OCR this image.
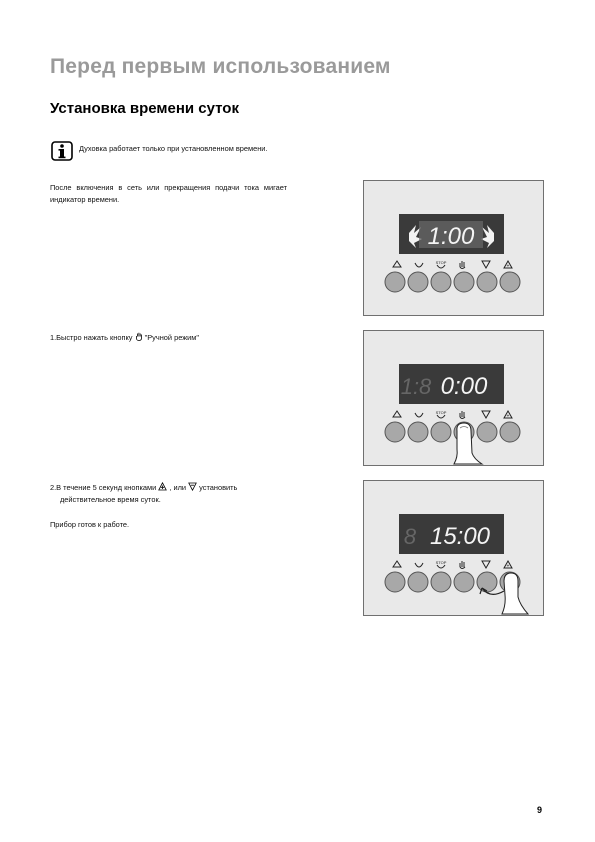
Перед первым использованием
Установка времени суток
Духовка работает только при установленном времени.
После включения в сеть или прекращения подачи тока мигает индикатор времени.
1.Быстро нажать кнопку "Ручной режим"
2.В течение 5 секунд кнопками , или установить
действительное время суток.
Прибор готов к работе.
1:00
STOP
+
1:8 0:00
STOP
+
8 15:00
STOP
+
9
